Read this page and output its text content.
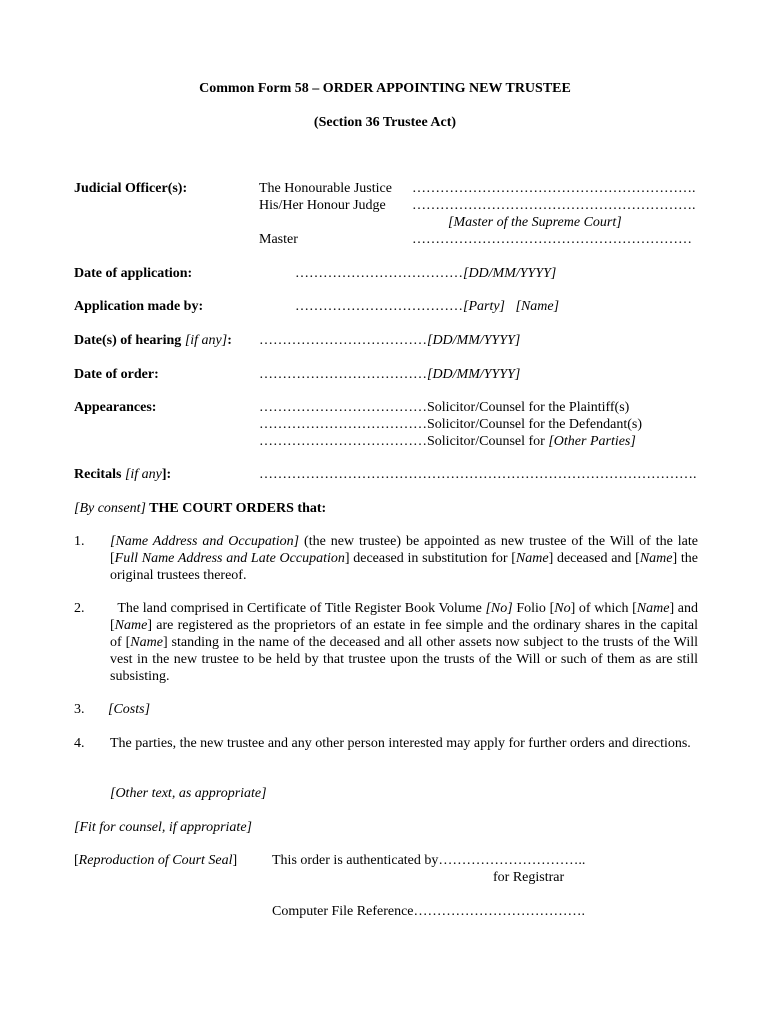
Common Form 58 – ORDER APPOINTING NEW TRUSTEE
(Section 36 Trustee Act)
Judicial Officer(s):	The Honourable Justice …………………………………………………….
His/Her Honour Judge …………………………………………………….
[Master of the Supreme Court]
Master	……………………………………………………
Date of application:	………………………………[DD/MM/YYYY]
Application made by:	………………………………[Party]   [Name]
Date(s) of hearing [if any]: ………………………………[DD/MM/YYYY]
Date of order:	………………………………[DD/MM/YYYY]
Appearances:	………………………………Solicitor/Counsel for the Plaintiff(s)
………………………………Solicitor/Counsel for the Defendant(s)
………………………………Solicitor/Counsel for [Other Parties]
Recitals [if any]:	………………………………………………………………………………….
[By consent] THE COURT ORDERS that:
1. [Name Address and Occupation] (the new trustee) be appointed as new trustee of the Will of the late [Full Name Address and Late Occupation] deceased in substitution for [Name] deceased and [Name] the original trustees thereof.
2. The land comprised in Certificate of Title Register Book Volume [No] Folio [No] of which [Name] and [Name] are registered as the proprietors of an estate in fee simple and the ordinary shares in the capital of [Name] standing in the name of the deceased and all other assets now subject to the trusts of the Will vest in the new trustee to be held by that trustee upon the trusts of the Will or such of them as are still subsisting.
3. [Costs]
4. The parties, the new trustee and any other person interested may apply for further orders and directions.
[Other text, as appropriate]
[Fit for counsel, if appropriate]
[Reproduction of Court Seal] This order is authenticated by…………………………..
for Registrar
Computer File Reference……………………………….
